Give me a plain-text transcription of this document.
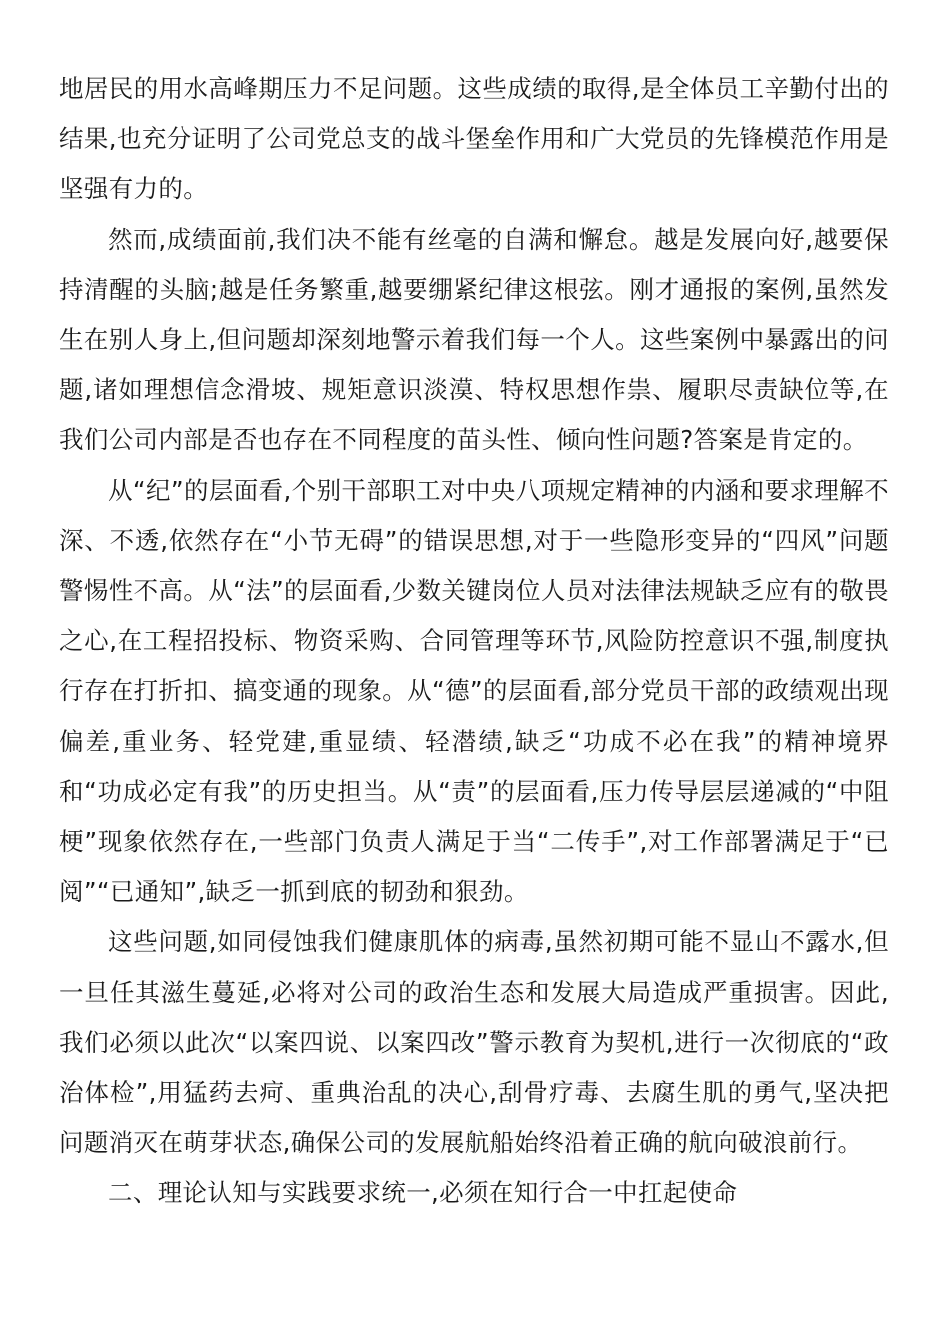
地居民的用水高峰期压力不足问题。这些成绩的取得,是全体员工辛勤付出的结果,也充分证明了公司党总支的战斗堡垒作用和广大党员的先锋模范作用是坚强有力的。

然而,成绩面前,我们决不能有丝毫的自满和懈怠。越是发展向好,越要保持清醒的头脑;越是任务繁重,越要绷紧纪律这根弦。刚才通报的案例,虽然发生在别人身上,但问题却深刻地警示着我们每一个人。这些案例中暴露出的问题,诸如理想信念滑坡、规矩意识淡漠、特权思想作祟、履职尽责缺位等,在我们公司内部是否也存在不同程度的苗头性、倾向性问题?答案是肯定的。

从“纪”的层面看,个别干部职工对中央八项规定精神的内涵和要求理解不深、不透,依然存在“小节无碍”的错误思想,对于一些隐形变异的“四风”问题警惕性不高。从“法”的层面看,少数关键岗位人员对法律法规缺乏应有的敬畏之心,在工程招投标、物资采购、合同管理等环节,风险防控意识不强,制度执行存在打折扣、搞变通的现象。从“德”的层面看,部分党员干部的政绩观出现偏差,重业务、轻党建,重显绩、轻潜绩,缺乏“功成不必在我”的精神境界和“功成必定有我”的历史担当。从“责”的层面看,压力传导层层递减的“中阻梗”现象依然存在,一些部门负责人满足于当“二传手”,对工作部署满足于“已阅”“已通知”,缺乏一抓到底的韧劲和狠劲。

这些问题,如同侵蚀我们健康肌体的病毒,虽然初期可能不显山不露水,但一旦任其滋生蔓延,必将对公司的政治生态和发展大局造成严重损害。因此,我们必须以此次“以案四说、以案四改”警示教育为契机,进行一次彻底的“政治体检”,用猛药去疴、重典治乱的决心,刮骨疗毒、去腐生肌的勇气,坚决把问题消灭在萌芽状态,确保公司的发展航船始终沿着正确的航向破浪前行。

二、理论认知与实践要求统一,必须在知行合一中扛起使命
